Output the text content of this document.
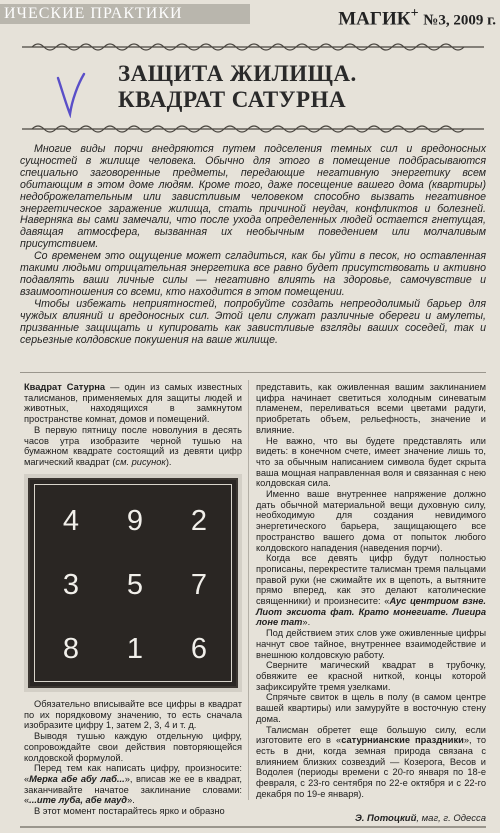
ИЧЕСКИЕ ПРАКТИКИ	МАГИК+ №3, 2009 г.
ЗАЩИТА ЖИЛИЩА.
КВАДРАТ САТУРНА

Многие виды порчи внедряются путем подселения темных сил и вредоносных сущностей в жилище человека. Обычно для этого в помещение подбрасываются специально заговоренные предметы, передающие негативную энергетику всем обитающим в этом доме людям. Кроме того, даже посещение вашего дома (квартиры) недоброжелательным или завистливым человеком способно вызвать негативное энергетическое заражение жилища, стать причиной неудач, конфликтов и болезней. Наверняка вы сами замечали, что после ухода определенных людей остается гнетущая, давящая атмосфера, вызванная их необычным поведением или молчаливым присутствием.

Со временем это ощущение может сгладиться, как бы уйти в песок, но оставленная такими людьми отрицательная энергетика все равно будет присутствовать и активно подавлять ваши личные силы — негативно влиять на здоровье, самочувствие и взаимоотношения со всеми, кто находится в этом помещении.

Чтобы избежать неприятностей, попробуйте создать непреодолимый барьер для чуждых влияний и вредоносных сил. Этой цели служат различные обереги и амулеты, призванные защищать и купировать как завистливые взгляды ваших соседей, так и серьезные колдовские покушения на ваше жилище.

Квадрат Сатурна — один из самых известных талисманов, применяемых для защиты людей и животных, находящихся в замкнутом пространстве комнат, домов и помещений.

В первую пятницу после новолуния в десять часов утра изобразите черной тушью на бумажном квадрате состоящий из девяти цифр магический квадрат (см. рисунок).

4	9	2
3	5	7
8	1	6

Обязательно вписывайте все цифры в квадрат по их порядковому значению, то есть сначала изобразите цифру 1, затем 2, 3, 4 и т. д.

Выводя тушью каждую отдельную цифру, сопровождайте свои действия повторяющейся колдовской формулой.

Перед тем как написать цифру, произносите: «Мерка абе абу лаб...», вписав же ее в квадрат, заканчивайте начатое заклинание словами: «...ите луба, абе мауд».

В этот момент постарайтесь ярко и образно

представить, как оживленная вашим заклинанием цифра начинает светиться холодным синеватым пламенем, переливаться всеми цветами радуги, приобретать объем, рельефность, значение и влияние.

Не важно, что вы будете представлять или видеть: в конечном счете, имеет значение лишь то, что за обычным написанием символа будет скрыта ваша мощная направленная воля и связанная с нею колдовская сила.

Именно ваше внутреннее напряжение должно дать обычной материальной вещи духовную силу, необходимую для создания невидимого энергетического барьера, защищающего все пространство вашего дома от попыток любого колдовского нападения (наведения порчи).

Когда все девять цифр будут полностью прописаны, перекрестите талисман тремя пальцами правой руки (не сжимайте их в щепоть, а вытяните прямо вперед, как это делают католические священники) и произнесите: «Аус центриом взне. Лиот эксиота фат. Крато монегиате. Лигира лоне тат».

Под действием этих слов уже оживленные цифры начнут свое тайное, внутреннее взаимодействие и внешнюю колдовскую работу.

Сверните магический квадрат в трубочку, обвяжите ее красной ниткой, концы которой зафиксируйте тремя узелками.

Спрячьте свиток в щель в полу (в самом центре вашей квартиры) или замуруйте в восточную стену дома.

Талисман обретет еще большую силу, если изготовите его в «сатурнианские праздники», то есть в дни, когда земная природа связана с влиянием близких созвездий — Козерога, Весов и Водолея (периоды времени с 20-го января по 18-е февраля, с 23-го сентября по 22-е октября и с 22-го декабря по 19-е января).

Э. Потоцкий, маг, г. Одесса
